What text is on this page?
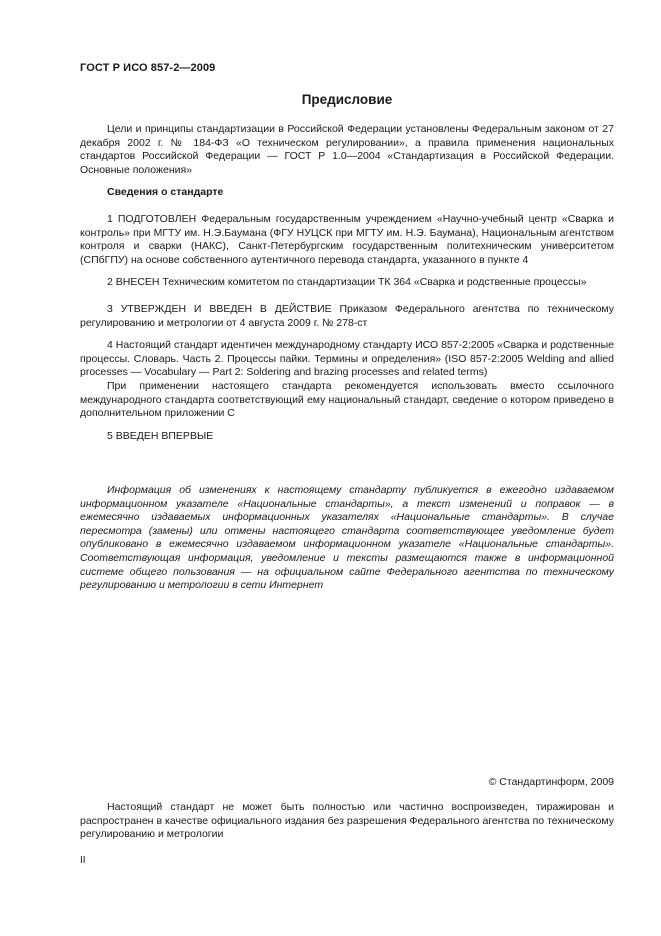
ГОСТ Р ИСО 857-2—2009
Предисловие
Цели и принципы стандартизации в Российской Федерации установлены Федеральным законом от 27 декабря 2002 г. № 184-ФЗ «О техническом регулировании», а правила применения национальных стандартов Российской Федерации — ГОСТ Р 1.0—2004 «Стандартизация в Российской Федерации. Основные положения»
Сведения о стандарте
1 ПОДГОТОВЛЕН Федеральным государственным учреждением «Научно-учебный центр «Сварка и контроль» при МГТУ им. Н.Э.Баумана (ФГУ НУЦСК при МГТУ им. Н.Э. Баумана), Национальным агентством контроля и сварки (НАКС), Санкт-Петербургским государственным политехническим университетом (СПбГПУ) на основе собственного аутентичного перевода стандарта, указанного в пункте 4
2 ВНЕСЕН Техническим комитетом по стандартизации ТК 364 «Сварка и родственные процессы»
3 УТВЕРЖДЕН И ВВЕДЕН В ДЕЙСТВИЕ Приказом Федерального агентства по техническому регулированию и метрологии от 4 августа 2009 г. № 278-ст
4 Настоящий стандарт идентичен международному стандарту ИСО 857-2:2005 «Сварка и родственные процессы. Словарь. Часть 2. Процессы пайки. Термины и определения» (ISO 857-2:2005 Welding and allied processes — Vocabulary — Part 2: Soldering and brazing processes and related terms)
При применении настоящего стандарта рекомендуется использовать вместо ссылочного международного стандарта соответствующий ему национальный стандарт, сведение о котором приведено в дополнительном приложении С
5 ВВЕДЕН ВПЕРВЫЕ
Информация об изменениях к настоящему стандарту публикуется в ежегодно издаваемом информационном указателе «Национальные стандарты», а текст изменений и поправок — в ежемесячно издаваемых информационных указателях «Национальные стандарты». В случае пересмотра (замены) или отмены настоящего стандарта соответствующее уведомление будет опубликовано в ежемесячно издаваемом информационном указателе «Национальные стандарты». Соответствующая информация, уведомление и тексты размещаются также в информационной системе общего пользования — на официальном сайте Федерального агентства по техническому регулированию и метрологии в сети Интернет
© Стандартинформ, 2009
Настоящий стандарт не может быть полностью или частично воспроизведен, тиражирован и распространен в качестве официального издания без разрешения Федерального агентства по техническому регулированию и метрологии
II
